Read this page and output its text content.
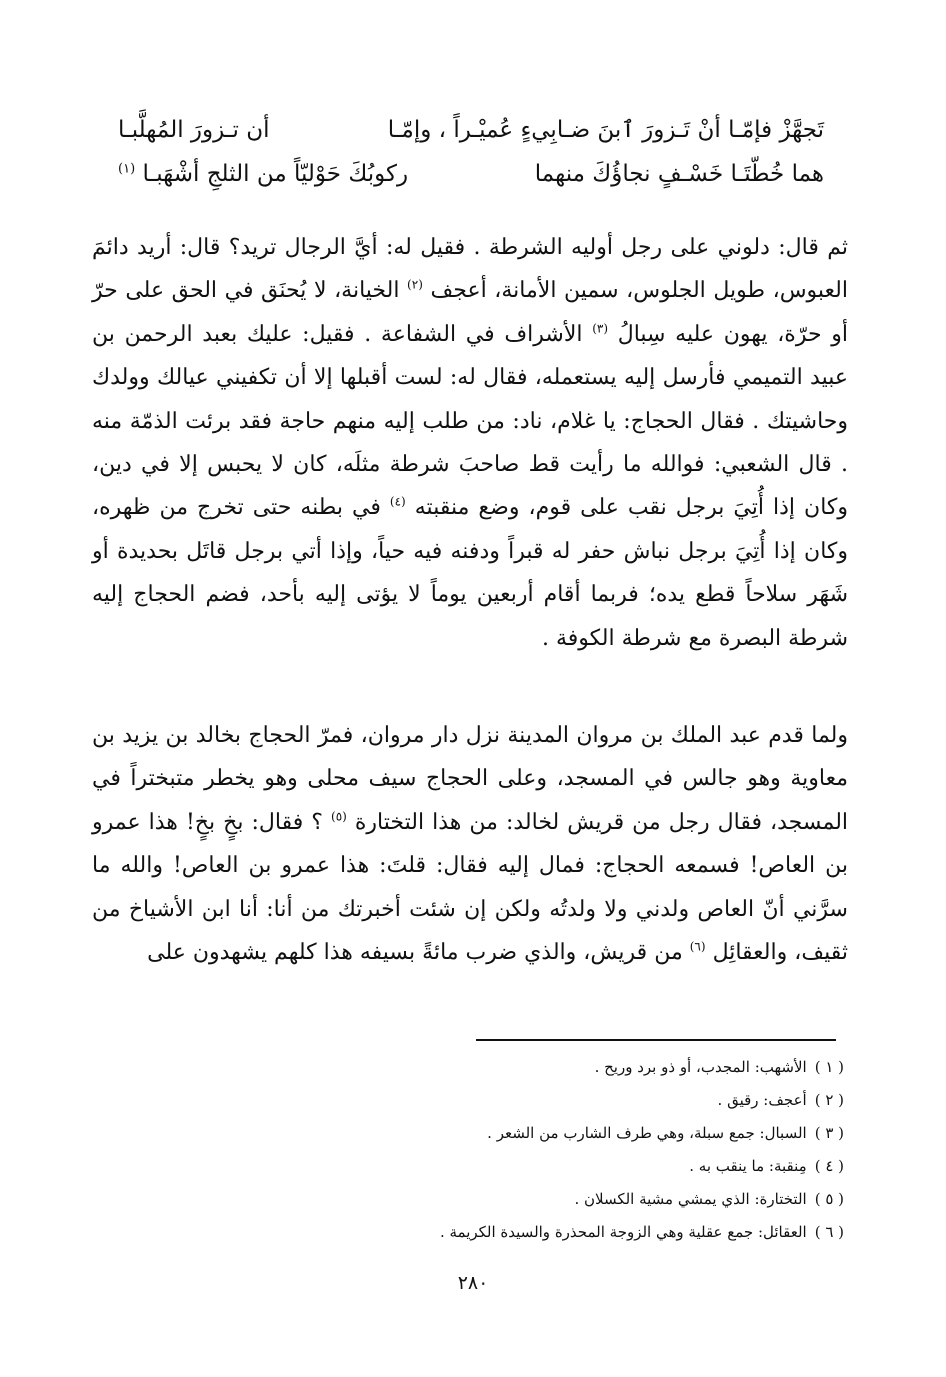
تَجهَّزْ فإمّـا أنْ تَـزورَ ٱبنَ ضـابِيءٍ عُميْـراً ، وإمّـا
أن تـزورَ المُهلَّبـا
هما خُطّتَـا خَسْـفٍ نجاؤُكَ منهما
ركوبُكَ حَوْليّاً من الثلجِ أشْهَبـا $^{(١)}$

ثم قال: دلوني على رجل أوليه الشرطة . فقيل له: أيَّ الرجال تريد؟ قال: أريد دائمَ العبوس، طويل الجلوس، سمين الأمانة، أعجف $^{(٢)}$ الخيانة، لا يُحنَق في الحق على حرّ أو حرّة، يهون عليه سِبالُ $^{(٣)}$ الأشراف في الشفاعة . فقيل: عليك بعبد الرحمن بن عبيد التميمي فأرسل إليه يستعمله، فقال له: لست أقبلها إلا أن تكفيني عيالك وولدك وحاشيتك . فقال الحجاج: يا غلام، ناد: من طلب إليه منهم حاجة فقد برئت الذمّة منه . قال الشعبي: فوالله ما رأيت قط صاحبَ شرطة مثلَه، كان لا يحبس إلا في دين، وكان إذا أُتِيَ برجل نقب على قوم، وضع منقبته $^{(٤)}$ في بطنه حتى تخرج من ظهره، وكان إذا أُتِيَ برجل نباش حفر له قبراً ودفنه فيه حياً، وإذا أتي برجل قاتَل بحديدة أو شَهَر سلاحاً قطع يده؛ فربما أقام أربعين يوماً لا يؤتى إليه بأحد، فضم الحجاج إليه شرطة البصرة مع شرطة الكوفة .

ولما قدم عبد الملك بن مروان المدينة نزل دار مروان، فمرّ الحجاج بخالد بن يزيد بن معاوية وهو جالس في المسجد، وعلى الحجاج سيف محلى وهو يخطر متبختراً في المسجد، فقال رجل من قريش لخالد: من هذا التختارة $^{(٥)}$ ؟ فقال: بخٍ بخٍ! هذا عمرو بن العاص! فسمعه الحجاج: فمال إليه فقال: قلتَ: هذا عمرو بن العاص! والله ما سرَّني أنّ العاص ولدني ولا ولدتُه ولكن إن شئت أخبرتك من أنا: أنا ابن الأشياخ من ثقيف، والعقائِل $^{(٦)}$ من قريش، والذي ضرب مائةً بسيفه هذا كلهم يشهدون على

( ١ )الأشهب: المجدب، أو ذو برد وريح .
( ٢ )أعجف: رقيق .
( ٣ )السبال: جمع سبلة، وهي طرف الشارب من الشعر .
( ٤ )مِنقبة: ما ينقب به .
( ٥ )التختارة: الذي يمشي مشية الكسلان .
( ٦ )العقائل: جمع عقلية وهي الزوجة المحذرة والسيدة الكريمة .
٢٨٠
